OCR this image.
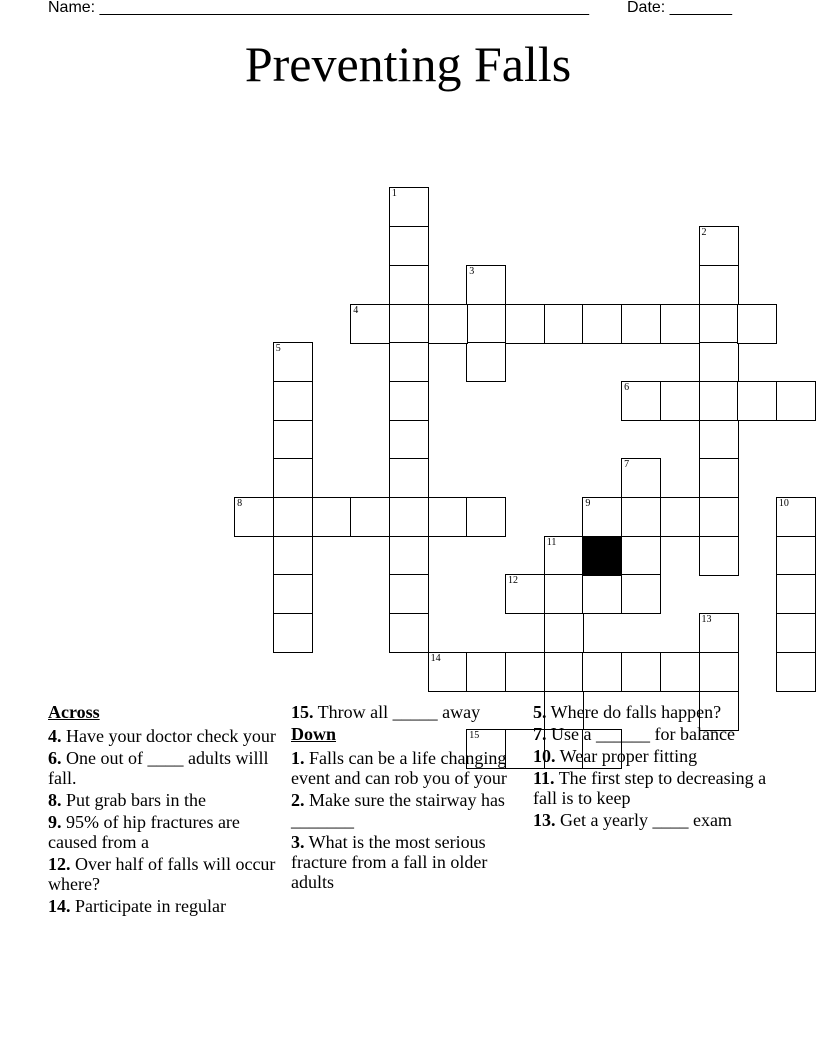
Name: _______________________________________________________ Date: _______
Preventing Falls
1
2
3
4
5
6
7
8	9	10
11
12
13
14
15
Across
4. Have your doctor check your
6. One out of ____ adults willl fall.
8. Put grab bars in the
9. 95% of hip fractures are caused from a
12. Over half of falls will occur where?
14. Participate in regular
15. Throw all _____ away
Down
1. Falls can be a life changing event and can rob you of your
2. Make sure the stairway has _______
3. What is the most serious fracture from a fall in older adults
5. Where do falls happen?
7. Use a ______ for balance
10. Wear proper fitting
11. The first step to decreasing a fall is to keep
13. Get a yearly ____ exam
